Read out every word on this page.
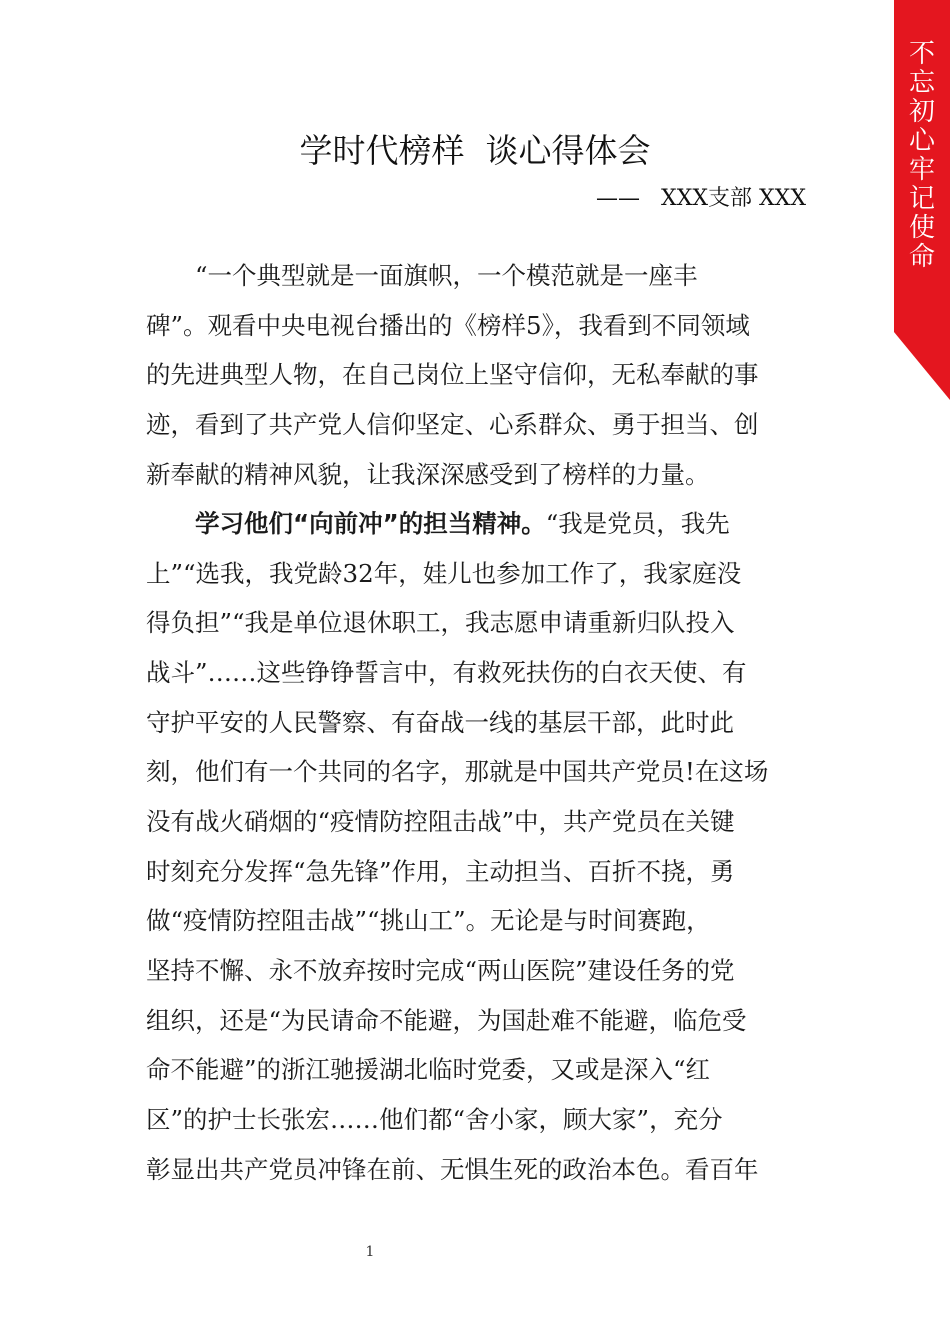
不忘初心牢记使命
学时代榜样  谈心得体会
——   XXX支部 XXX
“一个典型就是一面旗帜，一个模范就是一座丰
碑”。观看中央电视台播出的《榜样5》，我看到不同领域
的先进典型人物，在自己岗位上坚守信仰，无私奉献的事
迹，看到了共产党人信仰坚定、心系群众、勇于担当、创
新奉献的精神风貌，让我深深感受到了榜样的力量。
学习他们“向前冲”的担当精神。“我是党员，我先
上”“选我，我党龄32年，娃儿也参加工作了，我家庭没
得负担”“我是单位退休职工，我志愿申请重新归队投入
战斗”……这些铮铮誓言中，有救死扶伤的白衣天使、有
守护平安的人民警察、有奋战一线的基层干部，此时此
刻，他们有一个共同的名字，那就是中国共产党员!在这场
没有战火硝烟的“疫情防控阻击战”中，共产党员在关键
时刻充分发挥“急先锋”作用，主动担当、百折不挠，勇
做“疫情防控阻击战”“挑山工”。无论是与时间赛跑，
坚持不懈、永不放弃按时完成“两山医院”建设任务的党
组织，还是“为民请命不能避，为国赴难不能避，临危受
命不能避”的浙江驰援湖北临时党委，又或是深入“红
区”的护士长张宏……他们都“舍小家，顾大家”，充分
彰显出共产党员冲锋在前、无惧生死的政治本色。看百年
1
